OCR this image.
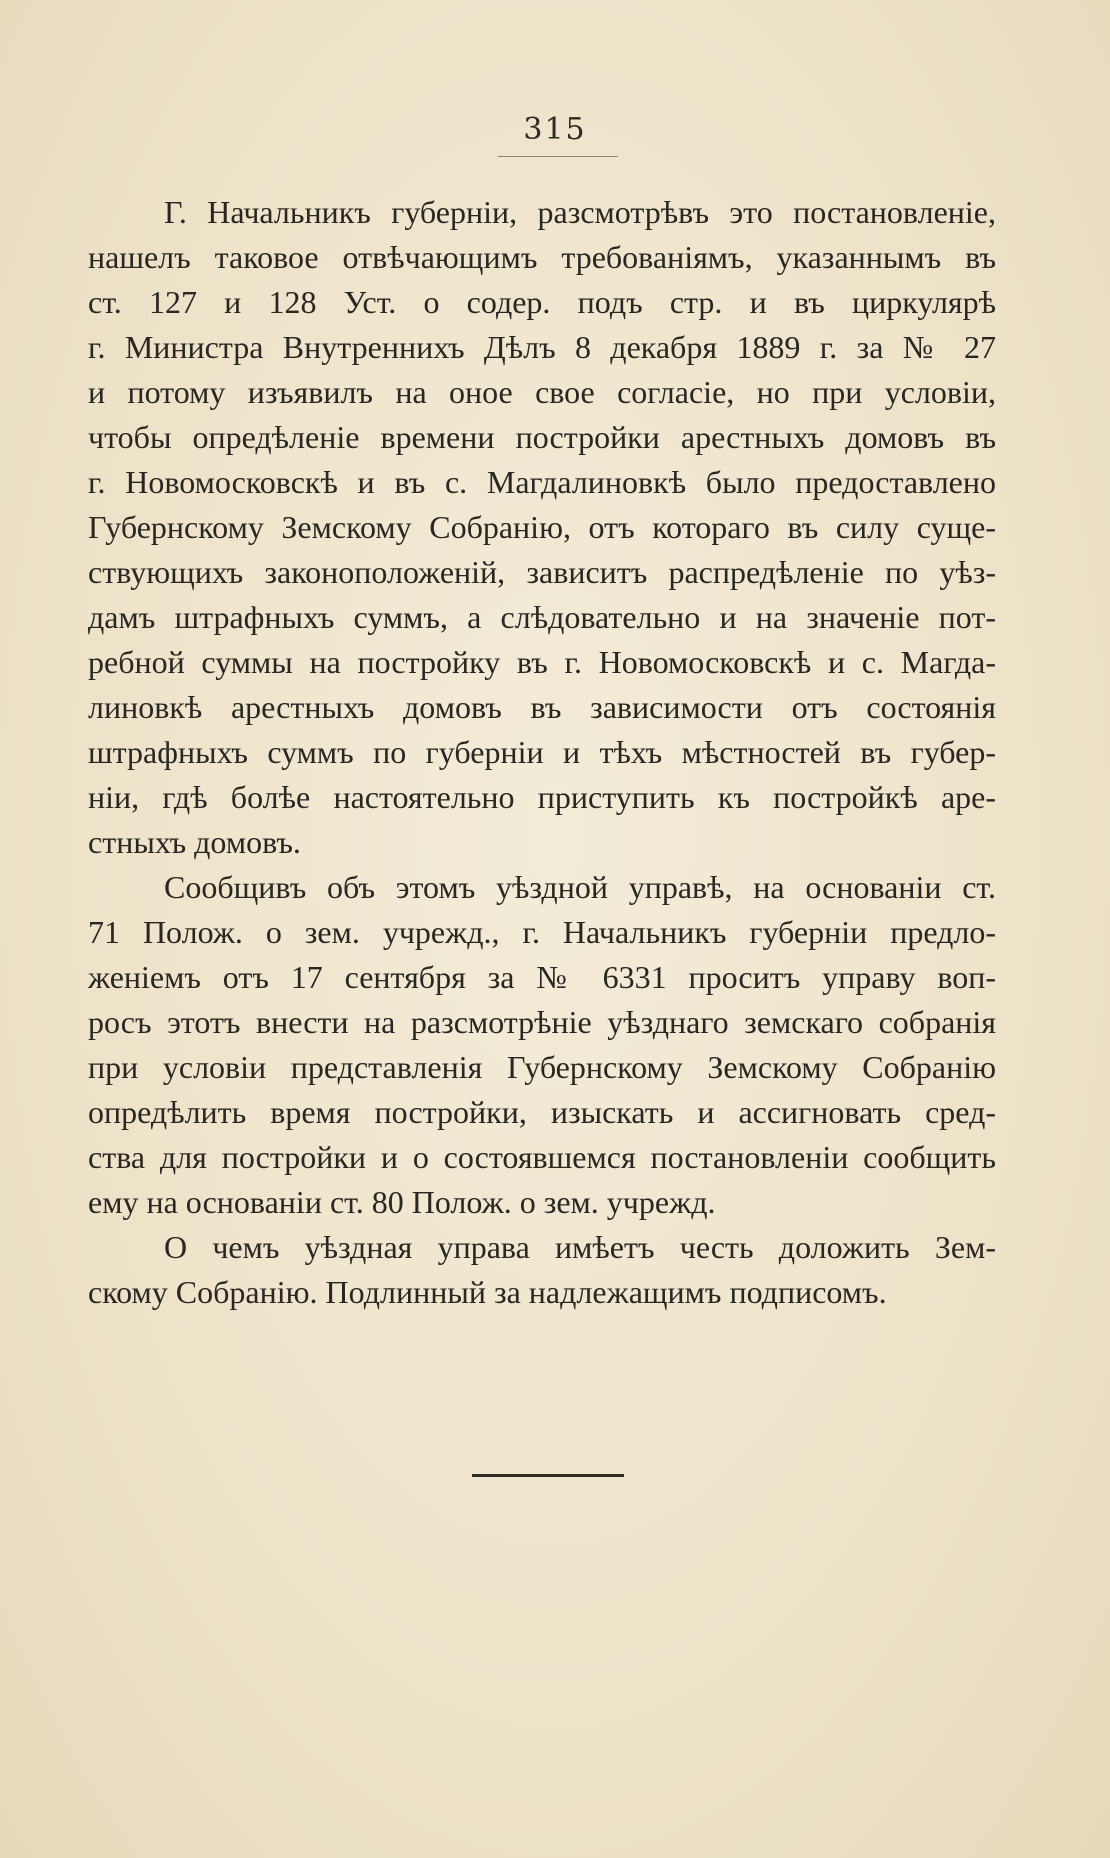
315
Г. Начальникъ губерніи, разсмотрѣвъ это постановленіе,
нашелъ таковое отвѣчающимъ требованіямъ, указаннымъ въ
ст. 127 и 128 Уст. о содер. подъ стр. и въ циркулярѣ
г. Министра Внутреннихъ Дѣлъ 8 декабря 1889 г. за № 27
и потому изъявилъ на оное свое согласіе, но при условіи,
чтобы опредѣленіе времени постройки арестныхъ домовъ въ
г. Новомосковскѣ и въ с. Магдалиновкѣ было предоставлено
Губернскому Земскому Собранію, отъ котораго въ силу суще-
ствующихъ законоположеній, зависитъ распредѣленіе по уѣз-
дамъ штрафныхъ суммъ, а слѣдовательно и на значеніе пот-
ребной суммы на постройку въ г. Новомосковскѣ и с. Магда-
линовкѣ арестныхъ домовъ въ зависимости отъ состоянія
штрафныхъ суммъ по губерніи и тѣхъ мѣстностей въ губер-
ніи, гдѣ болѣе настоятельно приступить къ постройкѣ аре-
стныхъ домовъ.
Сообщивъ объ этомъ уѣздной управѣ, на основаніи ст.
71 Полож. о зем. учрежд., г. Начальникъ губерніи предло-
женіемъ отъ 17 сентября за № 6331 проситъ управу воп-
росъ этотъ внести на разсмотрѣніе уѣзднаго земскаго собранія
при условіи представленія Губернскому Земскому Собранію
опредѣлить время постройки, изыскать и ассигновать сред-
ства для постройки и о состоявшемся постановленіи сообщить
ему на основаніи ст. 80 Полож. о зем. учрежд.
О чемъ уѣздная управа имѣетъ честь доложить Зем-
скому Собранію. Подлинный за надлежащимъ подписомъ.
